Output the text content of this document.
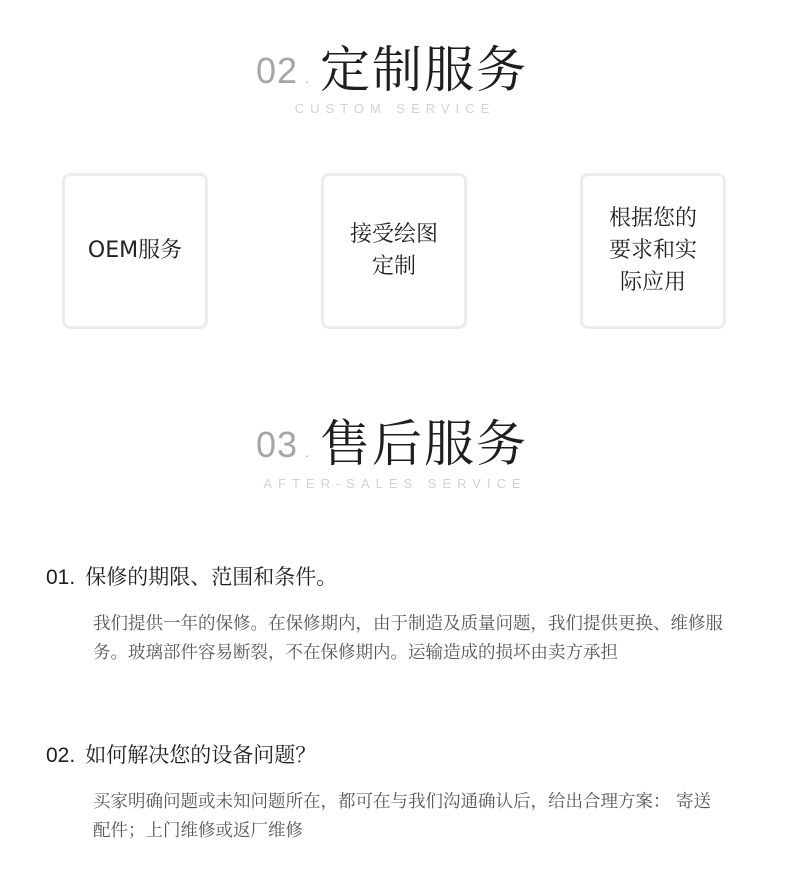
02 . 定制服务
CUSTOM SERVICE
OEM服务
接受绘图定制
根据您的要求和实际应用
03 . 售后服务
AFTER-SALES SERVICE
01. 保修的期限、范围和条件。
我们提供一年的保修。在保修期内，由于制造及质量问题，我们提供更换、维修服务。玻璃部件容易断裂，不在保修期内。运输造成的损坏由卖方承担
02. 如何解决您的设备问题？
买家明确问题或未知问题所在，都可在与我们沟通确认后，给出合理方案： 寄送配件；上门维修或返厂维修
